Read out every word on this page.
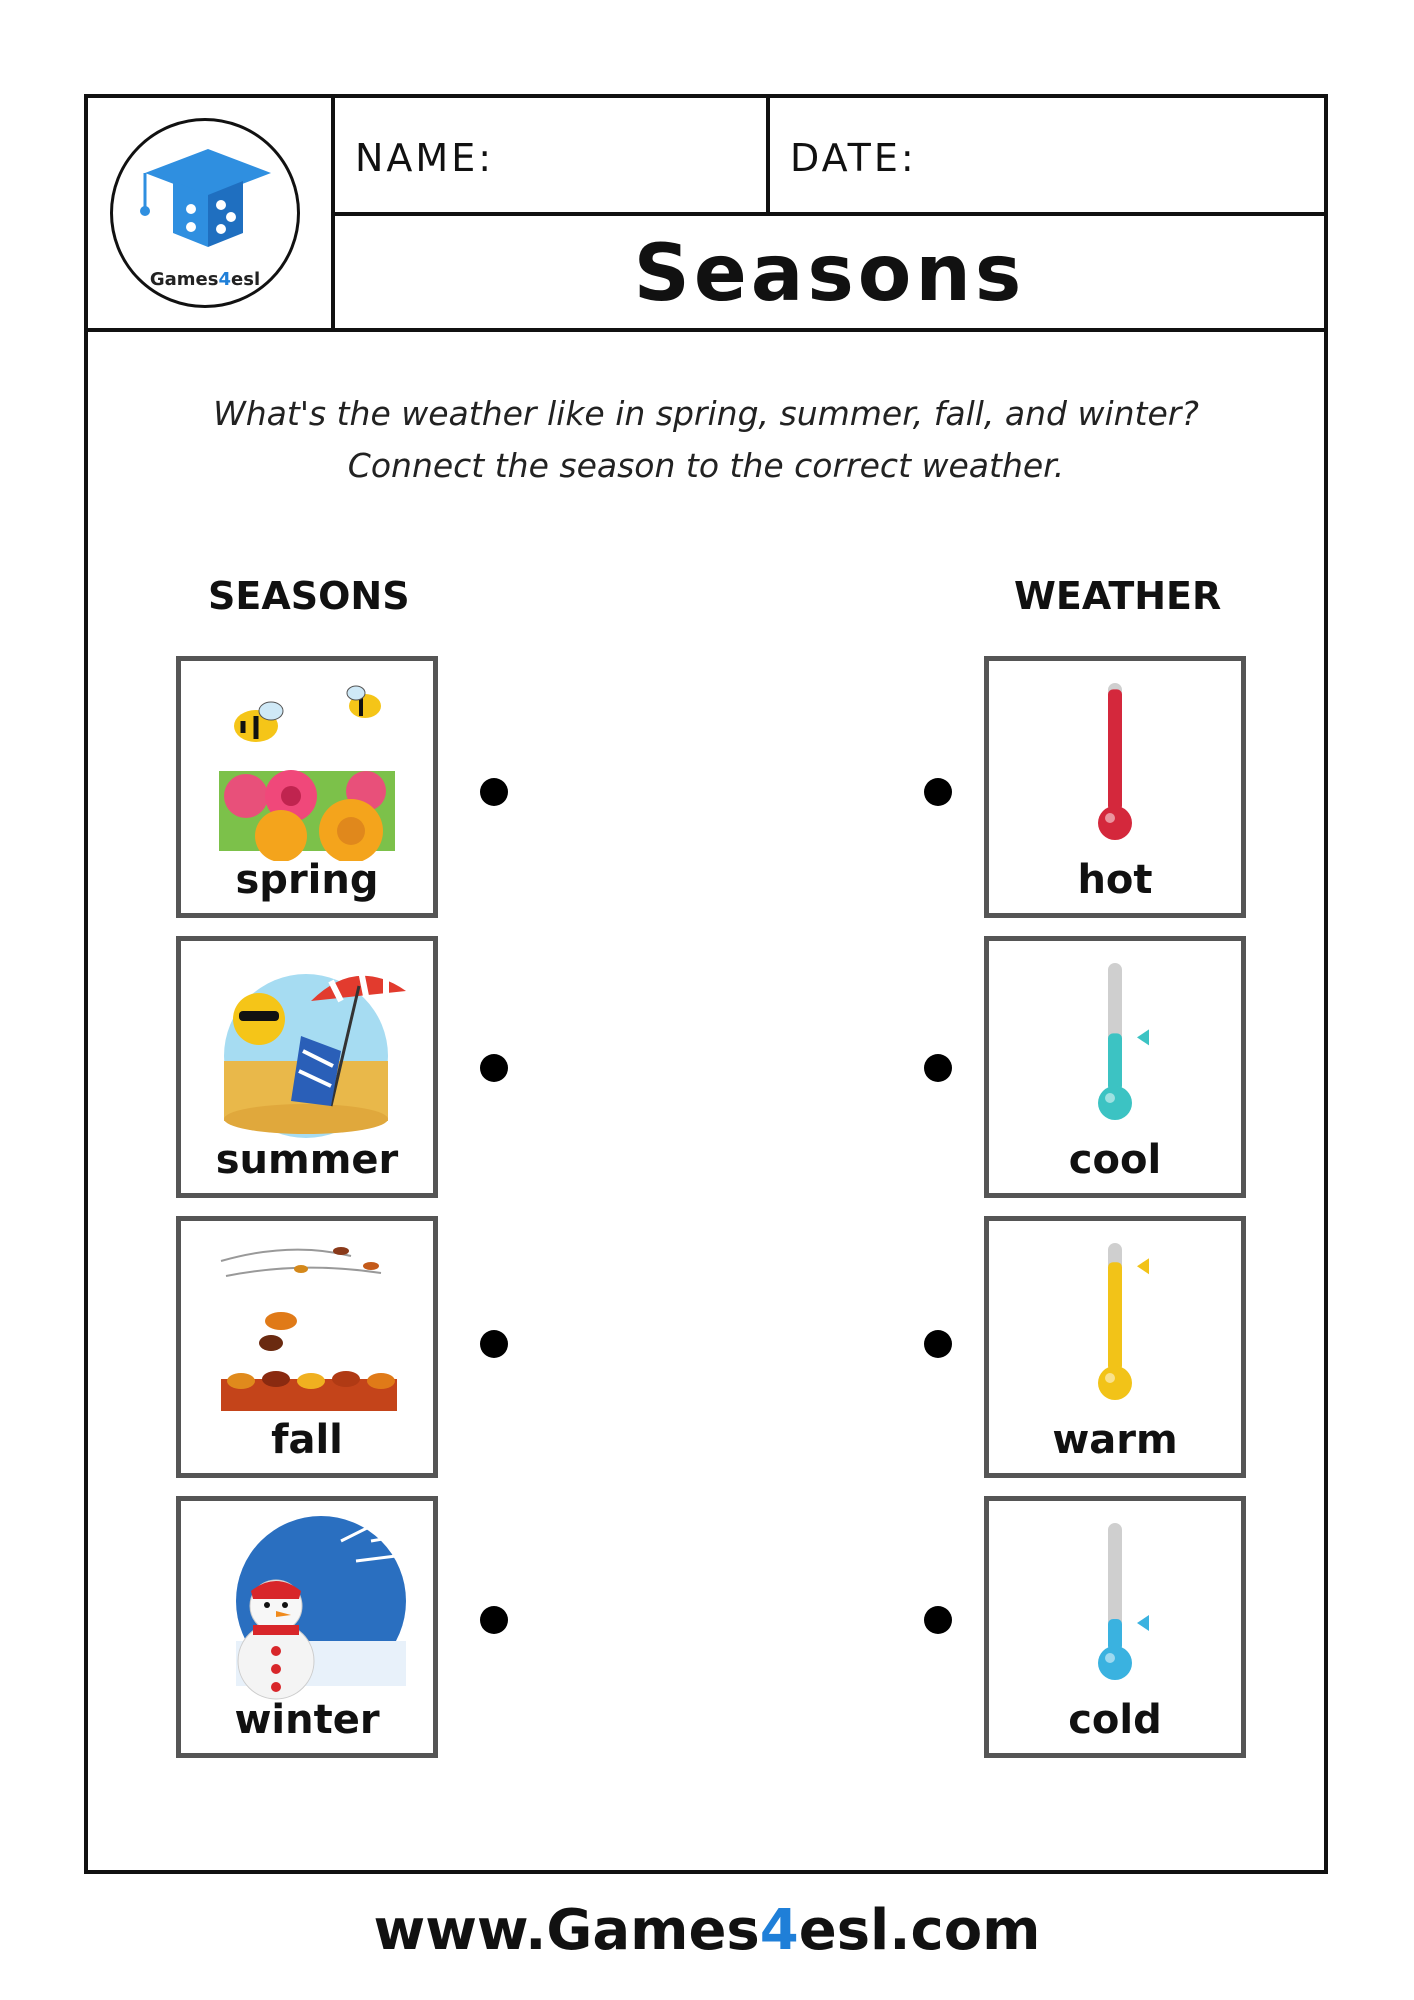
Games4esl
NAME:	DATE:
Seasons
What's the weather like in spring, summer, fall, and winter?
Connect the season to the correct weather.
SEASONS	WEATHER
spring
summer
fall
winter
hot
cool
warm
cold
www.Games4esl.com
